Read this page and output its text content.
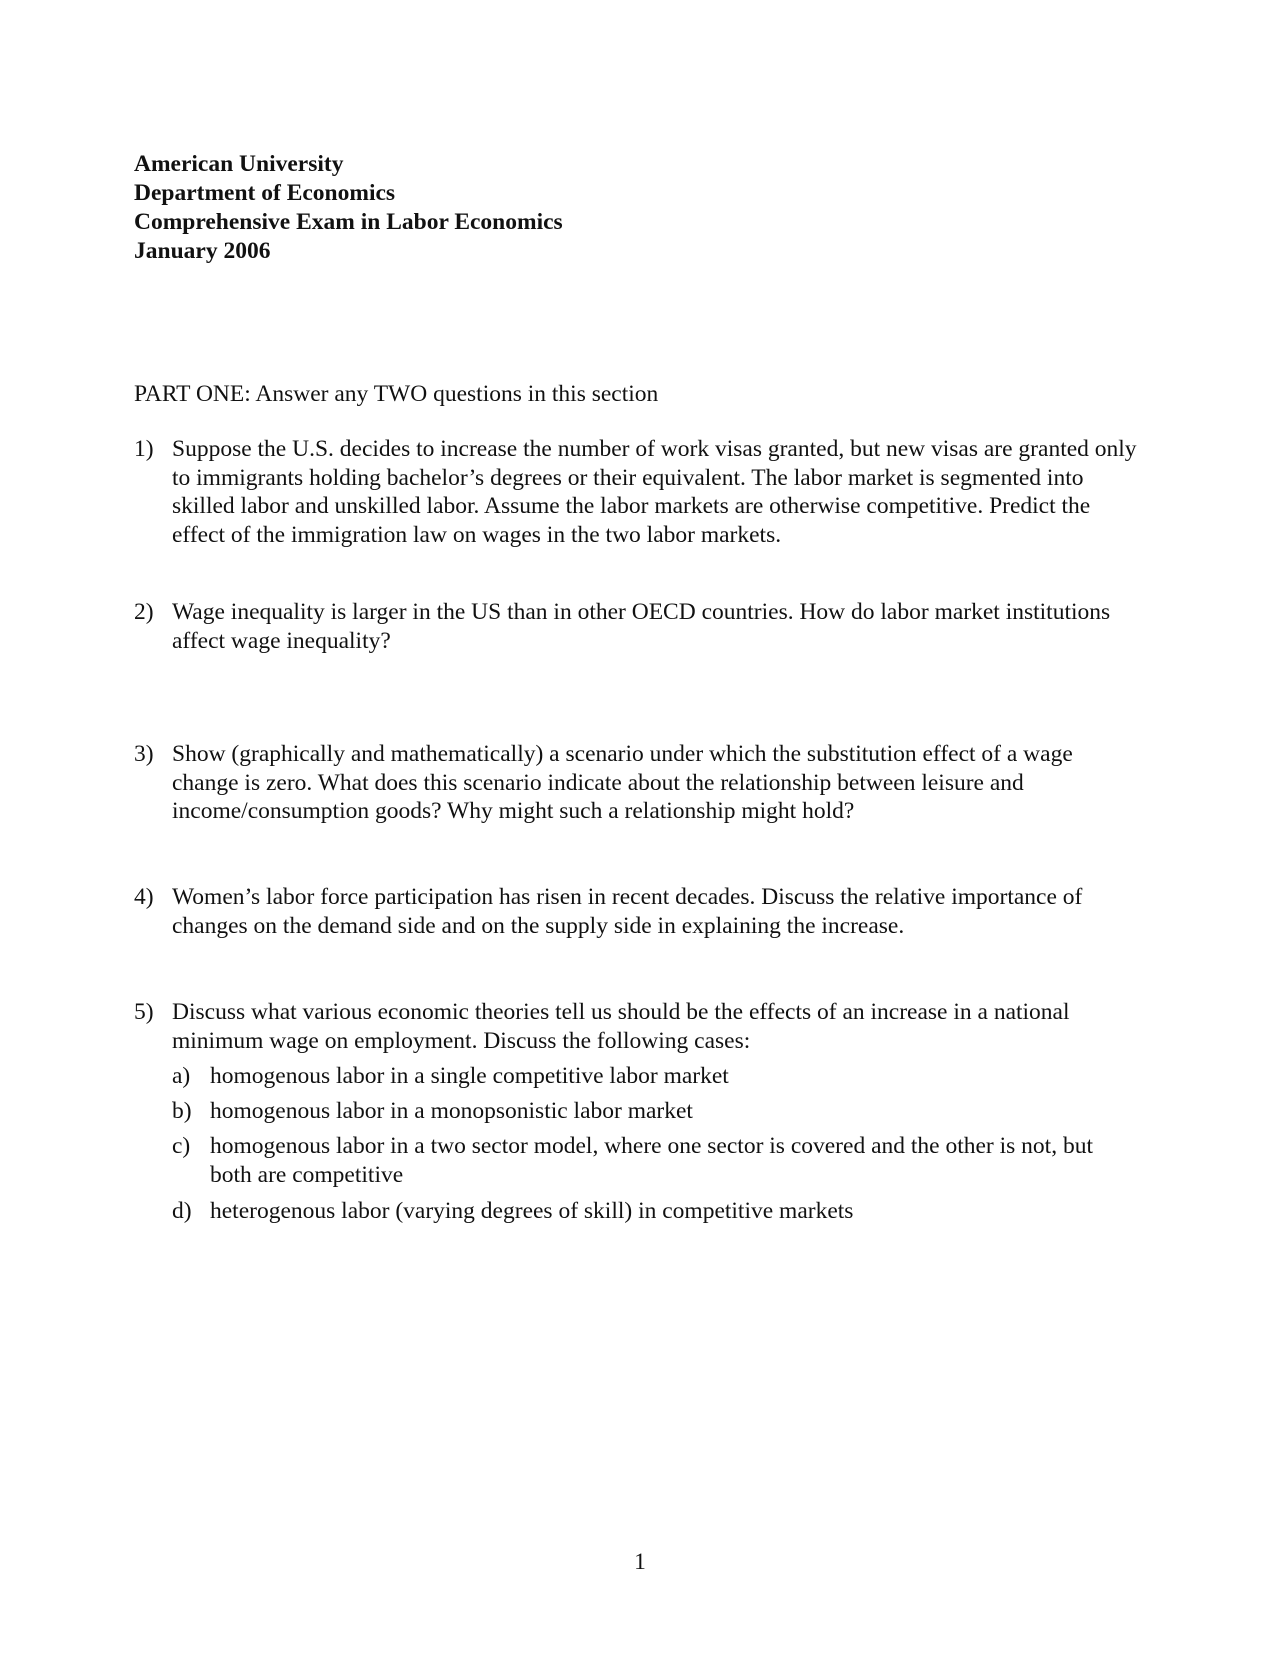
American University
Department of Economics
Comprehensive Exam in Labor Economics
January 2006
PART ONE: Answer any TWO questions in this section
1) Suppose the U.S. decides to increase the number of work visas granted, but new visas are granted only to immigrants holding bachelor’s degrees or their equivalent. The labor market is segmented into skilled labor and unskilled labor. Assume the labor markets are otherwise competitive. Predict the effect of the immigration law on wages in the two labor markets.
2) Wage inequality is larger in the US than in other OECD countries. How do labor market institutions affect wage inequality?
3) Show (graphically and mathematically) a scenario under which the substitution effect of a wage change is zero. What does this scenario indicate about the relationship between leisure and income/consumption goods? Why might such a relationship might hold?
4) Women’s labor force participation has risen in recent decades. Discuss the relative importance of changes on the demand side and on the supply side in explaining the increase.
5) Discuss what various economic theories tell us should be the effects of an increase in a national minimum wage on employment. Discuss the following cases:
a) homogenous labor in a single competitive labor market
b) homogenous labor in a monopsonistic labor market
c) homogenous labor in a two sector model, where one sector is covered and the other is not, but both are competitive
d) heterogenous labor (varying degrees of skill) in competitive markets
1
